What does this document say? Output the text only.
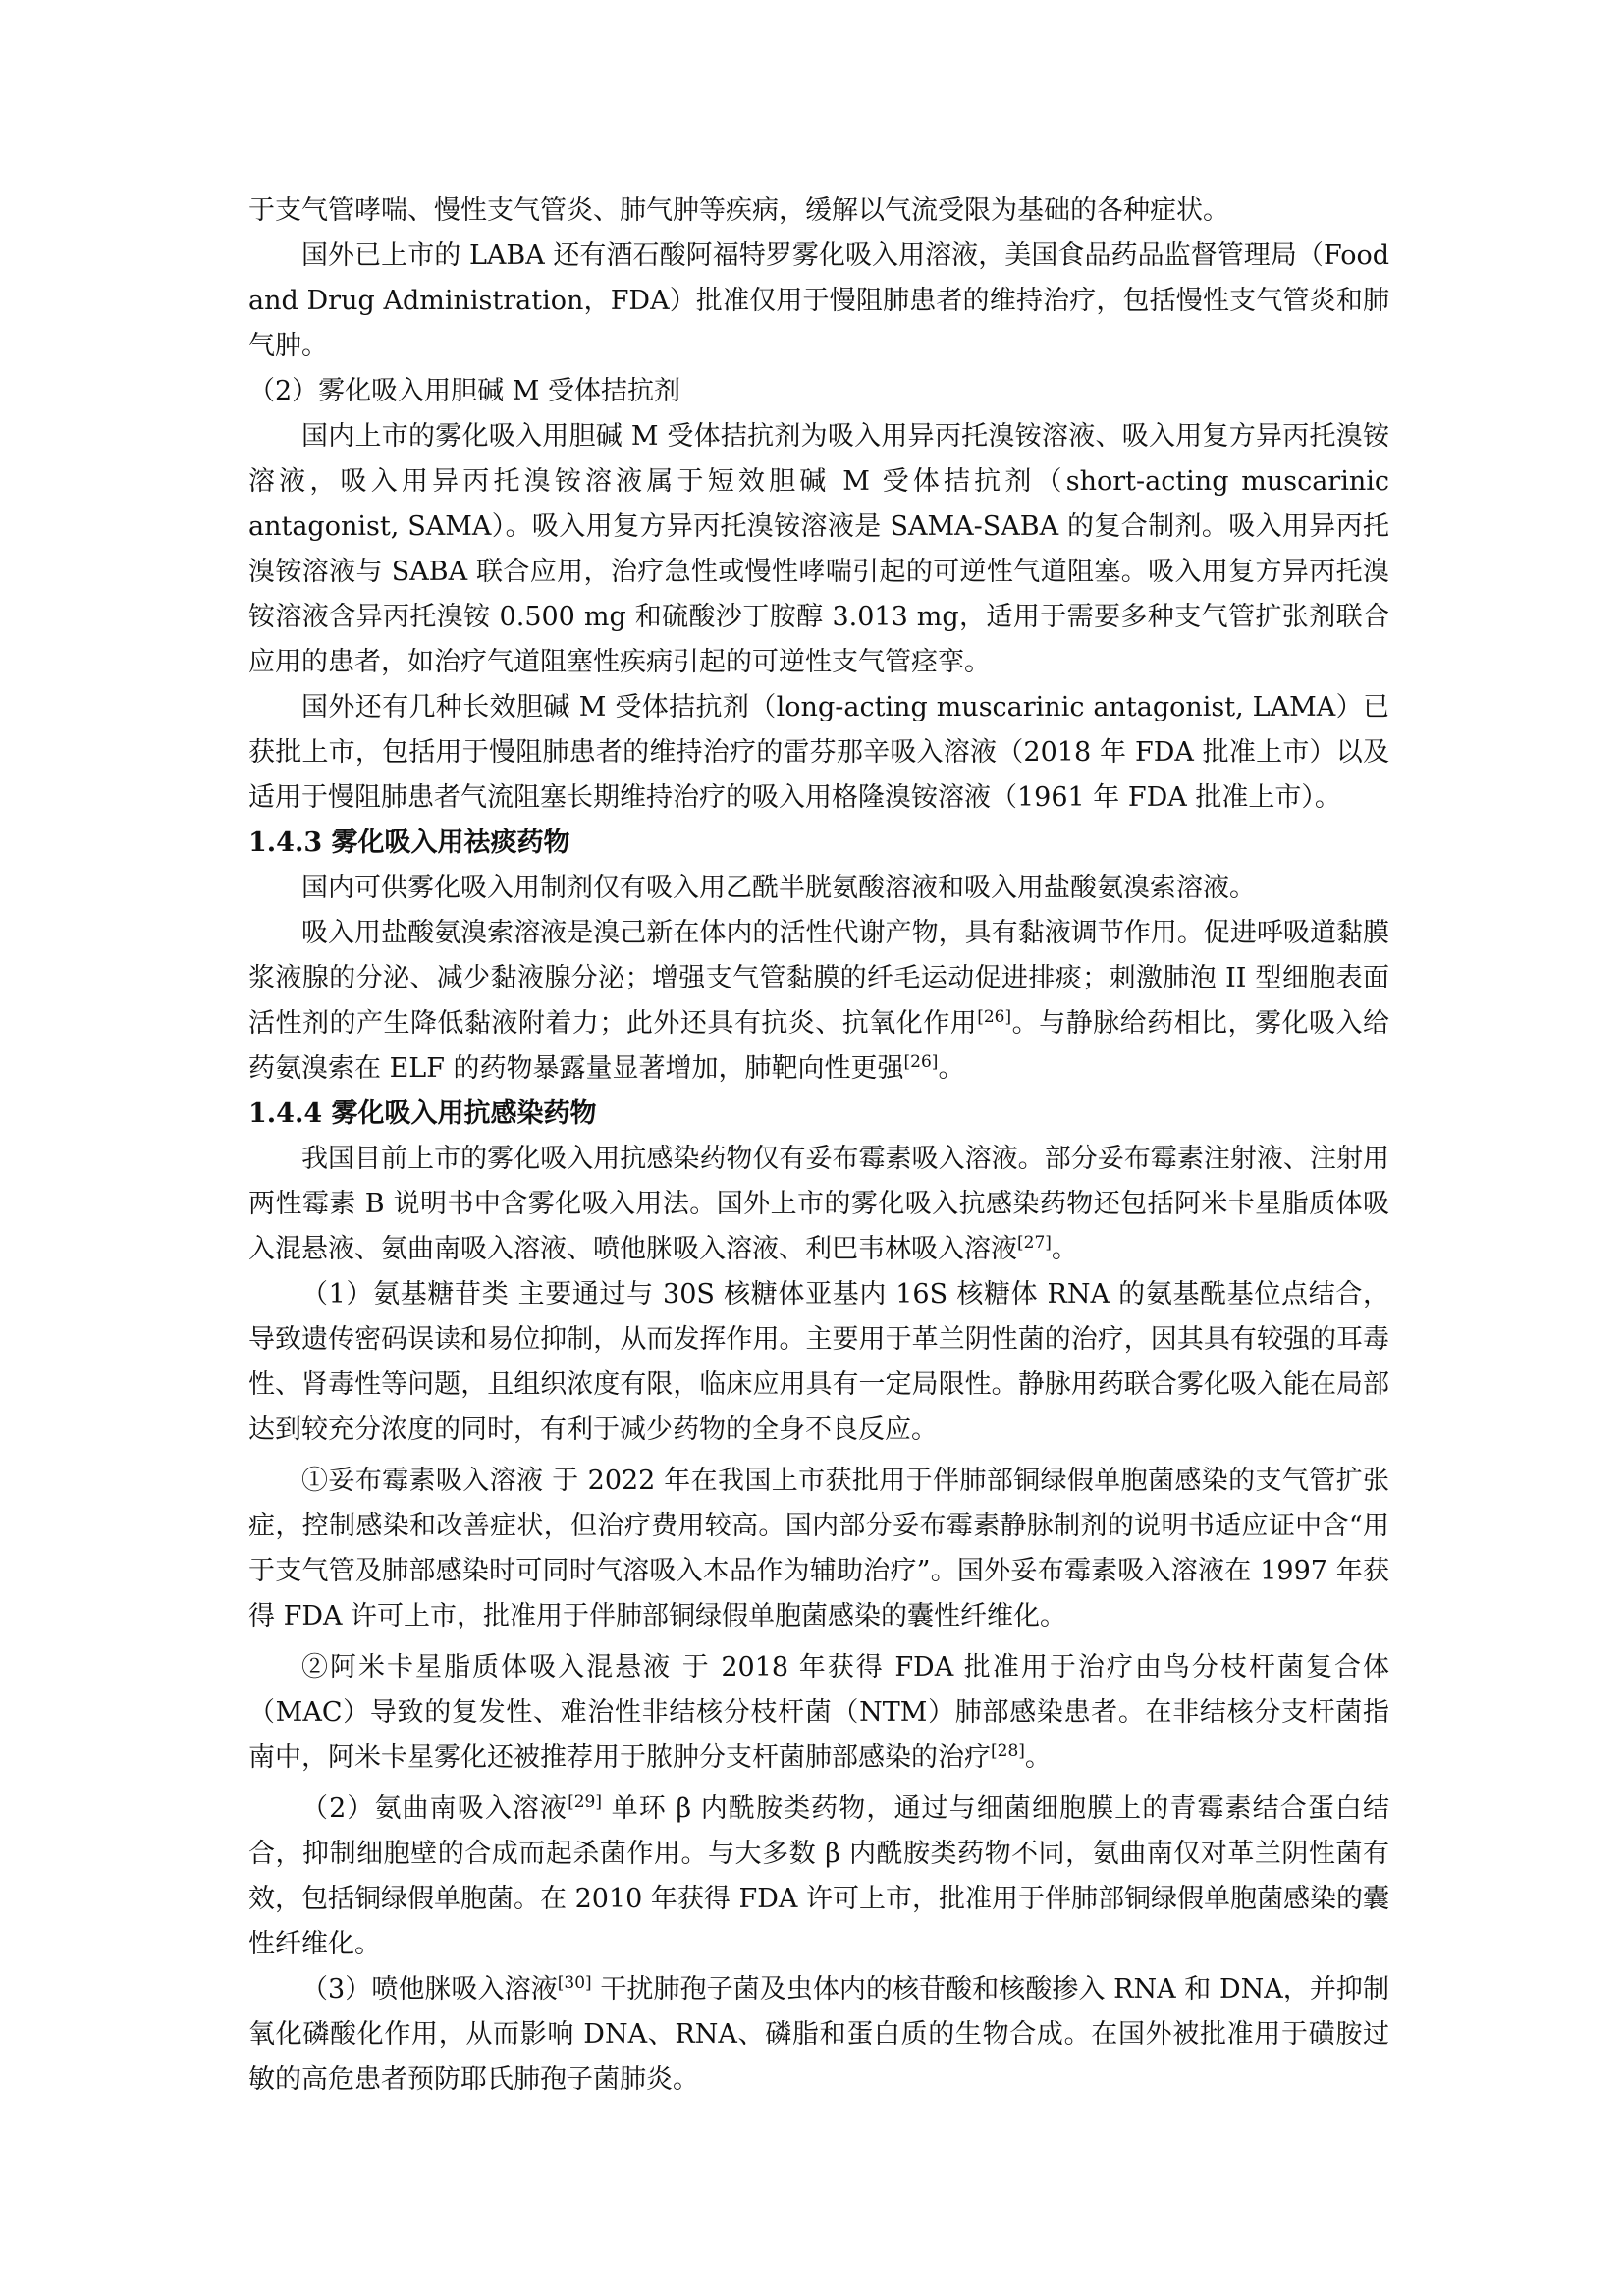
于支气管哮喘、慢性支气管炎、肺气肿等疾病，缓解以气流受限为基础的各种症状。

国外已上市的 LABA 还有酒石酸阿福特罗雾化吸入用溶液，美国食品药品监督管理局（Food and Drug Administration，FDA）批准仅用于慢阻肺患者的维持治疗，包括慢性支气管炎和肺气肿。

（2）雾化吸入用胆碱 M 受体拮抗剂

国内上市的雾化吸入用胆碱 M 受体拮抗剂为吸入用异丙托溴铵溶液、吸入用复方异丙托溴铵溶液，吸入用异丙托溴铵溶液属于短效胆碱 M 受体拮抗剂（short-acting muscarinic antagonist, SAMA）。吸入用复方异丙托溴铵溶液是 SAMA-SABA 的复合制剂。吸入用异丙托溴铵溶液与 SABA 联合应用，治疗急性或慢性哮喘引起的可逆性气道阻塞。吸入用复方异丙托溴铵溶液含异丙托溴铵 0.500 mg 和硫酸沙丁胺醇 3.013 mg，适用于需要多种支气管扩张剂联合应用的患者，如治疗气道阻塞性疾病引起的可逆性支气管痉挛。

国外还有几种长效胆碱 M 受体拮抗剂（long-acting muscarinic antagonist, LAMA）已获批上市，包括用于慢阻肺患者的维持治疗的雷芬那辛吸入溶液（2018 年 FDA 批准上市）以及适用于慢阻肺患者气流阻塞长期维持治疗的吸入用格隆溴铵溶液（1961 年 FDA 批准上市）。

1.4.3 雾化吸入用祛痰药物

国内可供雾化吸入用制剂仅有吸入用乙酰半胱氨酸溶液和吸入用盐酸氨溴索溶液。

吸入用盐酸氨溴索溶液是溴己新在体内的活性代谢产物，具有黏液调节作用。促进呼吸道黏膜浆液腺的分泌、减少黏液腺分泌；增强支气管黏膜的纤毛运动促进排痰；刺激肺泡 II 型细胞表面活性剂的产生降低黏液附着力；此外还具有抗炎、抗氧化作用[26]。与静脉给药相比，雾化吸入给药氨溴索在 ELF 的药物暴露量显著增加，肺靶向性更强[26]。

1.4.4 雾化吸入用抗感染药物

我国目前上市的雾化吸入用抗感染药物仅有妥布霉素吸入溶液。部分妥布霉素注射液、注射用两性霉素 B 说明书中含雾化吸入用法。国外上市的雾化吸入抗感染药物还包括阿米卡星脂质体吸入混悬液、氨曲南吸入溶液、喷他脒吸入溶液、利巴韦林吸入溶液[27]。

（1）氨基糖苷类 主要通过与 30S 核糖体亚基内 16S 核糖体 RNA 的氨基酰基位点结合，导致遗传密码误读和易位抑制，从而发挥作用。主要用于革兰阴性菌的治疗，因其具有较强的耳毒性、肾毒性等问题，且组织浓度有限，临床应用具有一定局限性。静脉用药联合雾化吸入能在局部达到较充分浓度的同时，有利于减少药物的全身不良反应。

①妥布霉素吸入溶液 于 2022 年在我国上市获批用于伴肺部铜绿假单胞菌感染的支气管扩张症，控制感染和改善症状，但治疗费用较高。国内部分妥布霉素静脉制剂的说明书适应证中含“用于支气管及肺部感染时可同时气溶吸入本品作为辅助治疗”。国外妥布霉素吸入溶液在 1997 年获得 FDA 许可上市，批准用于伴肺部铜绿假单胞菌感染的囊性纤维化。

②阿米卡星脂质体吸入混悬液 于 2018 年获得 FDA 批准用于治疗由鸟分枝杆菌复合体（MAC）导致的复发性、难治性非结核分枝杆菌（NTM）肺部感染患者。在非结核分支杆菌指南中，阿米卡星雾化还被推荐用于脓肿分支杆菌肺部感染的治疗[28]。

（2）氨曲南吸入溶液[29] 单环 β 内酰胺类药物，通过与细菌细胞膜上的青霉素结合蛋白结合，抑制细胞壁的合成而起杀菌作用。与大多数 β 内酰胺类药物不同，氨曲南仅对革兰阴性菌有效，包括铜绿假单胞菌。在 2010 年获得 FDA 许可上市，批准用于伴肺部铜绿假单胞菌感染的囊性纤维化。

（3）喷他脒吸入溶液[30] 干扰肺孢子菌及虫体内的核苷酸和核酸掺入 RNA 和 DNA，并抑制氧化磷酸化作用，从而影响 DNA、RNA、磷脂和蛋白质的生物合成。在国外被批准用于磺胺过敏的高危患者预防耶氏肺孢子菌肺炎。
